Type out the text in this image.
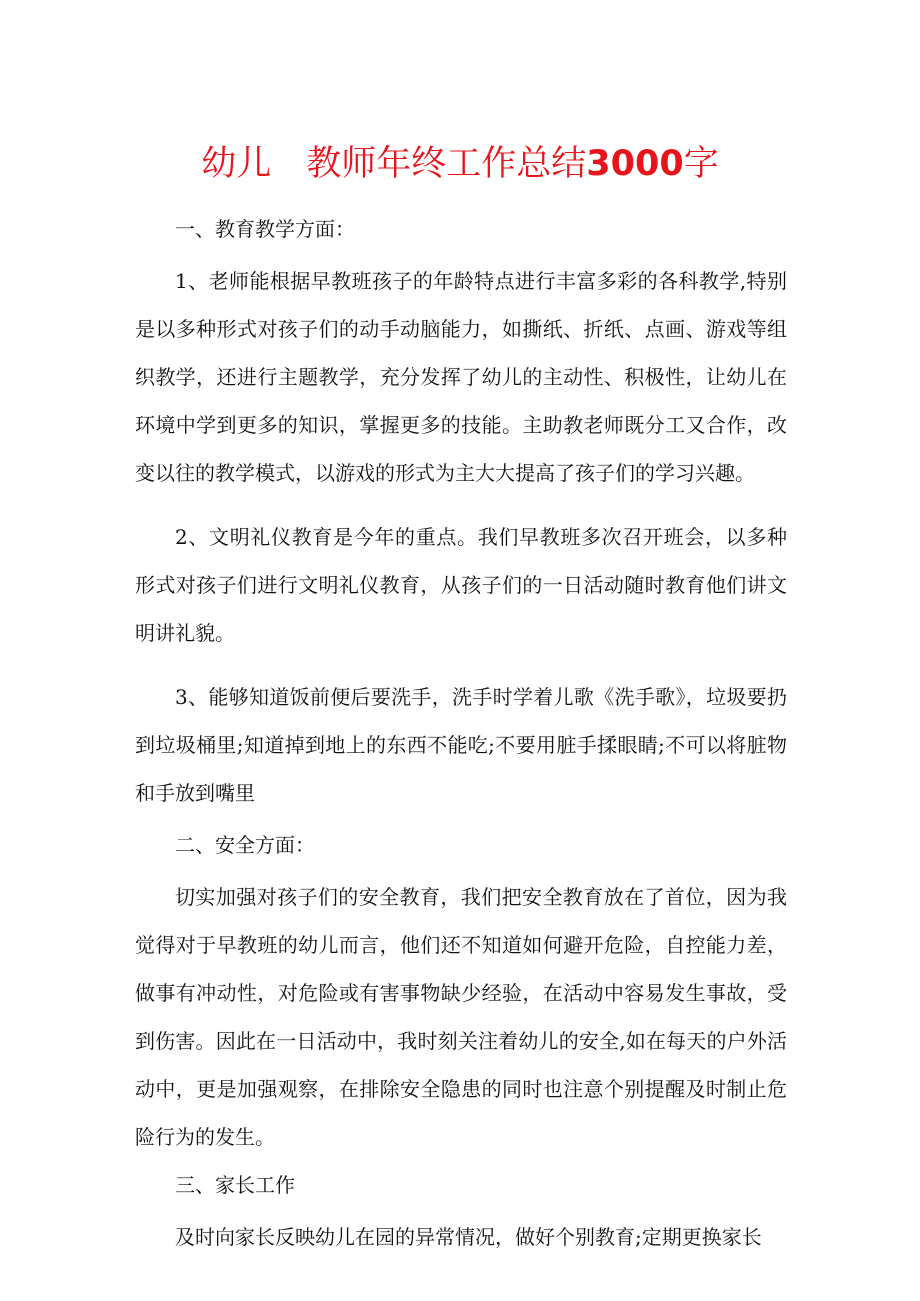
幼儿　教师年终工作总结3000字

一、教育教学方面：

1、老师能根据早教班孩子的年龄特点进行丰富多彩的各科教学,特别是以多种形式对孩子们的动手动脑能力，如撕纸、折纸、点画、游戏等组织教学，还进行主题教学，充分发挥了幼儿的主动性、积极性，让幼儿在环境中学到更多的知识，掌握更多的技能。主助教老师既分工又合作，改变以往的教学模式，以游戏的形式为主大大提高了孩子们的学习兴趣。

2、文明礼仪教育是今年的重点。我们早教班多次召开班会，以多种形式对孩子们进行文明礼仪教育，从孩子们的一日活动随时教育他们讲文明讲礼貌。

3、能够知道饭前便后要洗手，洗手时学着儿歌《洗手歌》，垃圾要扔到垃圾桶里;知道掉到地上的东西不能吃;不要用脏手揉眼睛;不可以将脏物和手放到嘴里

二、安全方面：

切实加强对孩子们的安全教育，我们把安全教育放在了首位，因为我觉得对于早教班的幼儿而言，他们还不知道如何避开危险，自控能力差，做事有冲动性，对危险或有害事物缺少经验，在活动中容易发生事故，受到伤害。因此在一日活动中，我时刻关注着幼儿的安全,如在每天的户外活动中，更是加强观察，在排除安全隐患的同时也注意个别提醒及时制止危险行为的发生。

三、家长工作

及时向家长反映幼儿在园的异常情况，做好个别教育;定期更换家长
